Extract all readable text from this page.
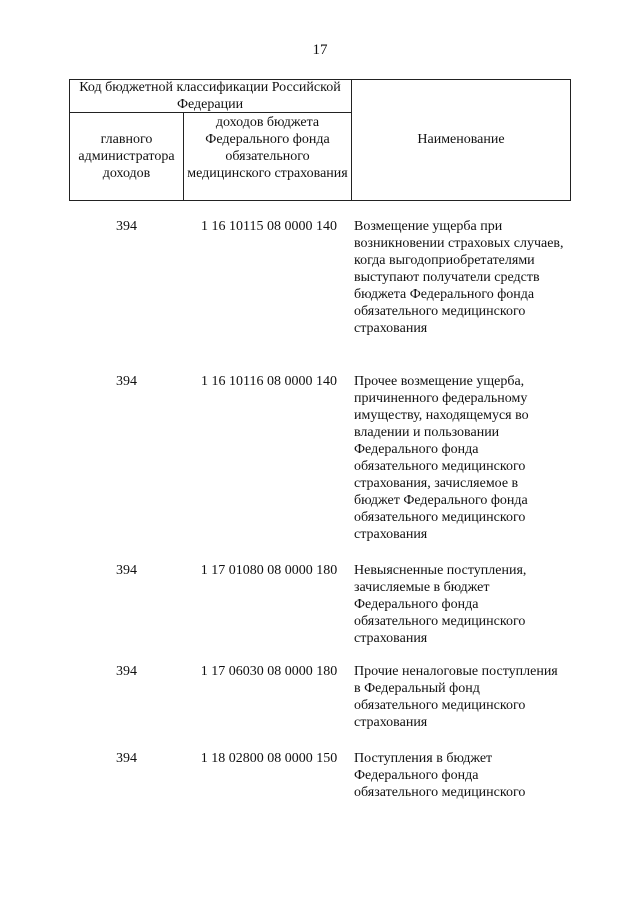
17
Код бюджетной классификации Российской Федерации
главного администратора доходов
доходов бюджета Федерального фонда обязательного медицинского страхования
Наименование
394	1 16 10115 08 0000 140	Возмещение ущерба при возникновении страховых случаев, когда выгодоприобретателями выступают получатели средств бюджета Федерального фонда обязательного медицинского страхования
394	1 16 10116 08 0000 140	Прочее возмещение ущерба, причиненного федеральному имуществу, находящемуся во владении и пользовании Федерального фонда обязательного медицинского страхования, зачисляемое в бюджет Федерального фонда обязательного медицинского страхования
394	1 17 01080 08 0000 180	Невыясненные поступления, зачисляемые в бюджет Федерального фонда обязательного медицинского страхования
394	1 17 06030 08 0000 180	Прочие неналоговые поступления в Федеральный фонд обязательного медицинского страхования
394	1 18 02800 08 0000 150	Поступления в бюджет Федерального фонда обязательного медицинского
